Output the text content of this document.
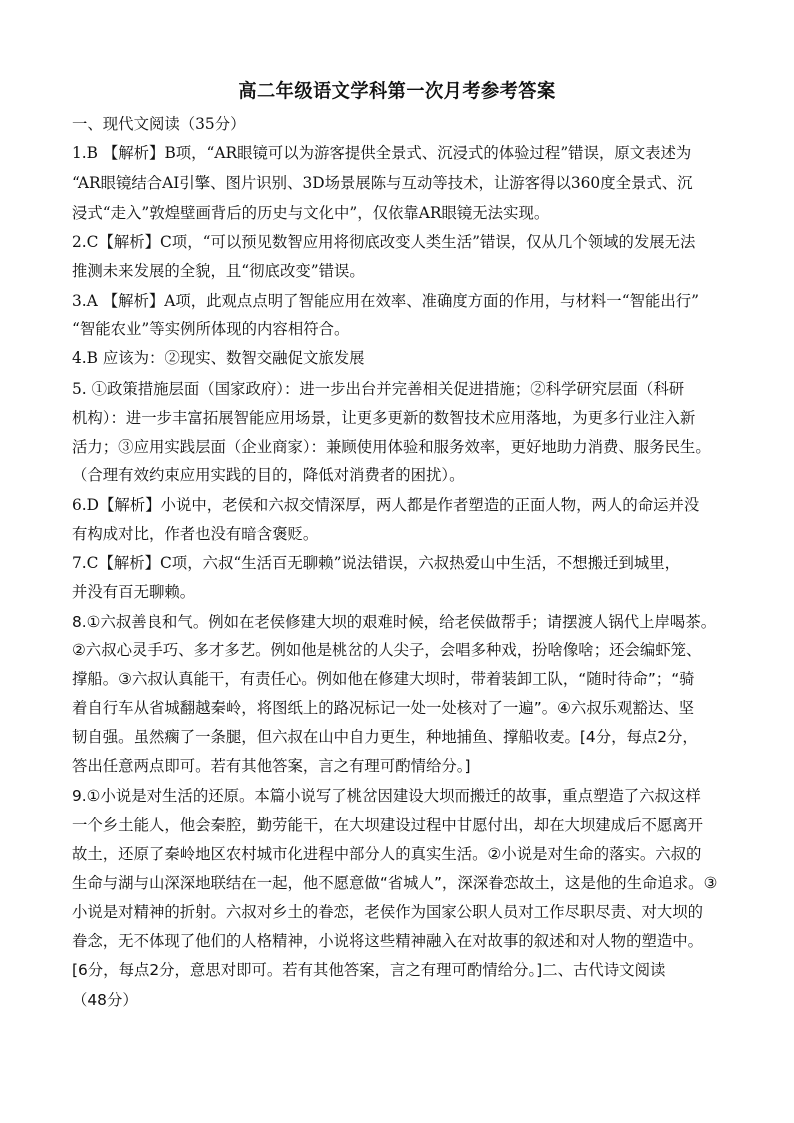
高二年级语文学科第一次月考参考答案
一、现代文阅读（35分）
1.B 【解析】B项，“AR眼镜可以为游客提供全景式、沉浸式的体验过程”错误，原文表述为
“AR眼镜结合AI引擎、图片识别、3D场景展陈与互动等技术，让游客得以360度全景式、沉
浸式“走入”敦煌壁画背后的历史与文化中”，仅依靠AR眼镜无法实现。
2.C【解析】C项，“可以预见数智应用将彻底改变人类生活”错误，仅从几个领域的发展无法
推测未来发展的全貌，且“彻底改变”错误。
3.A 【解析】A项，此观点点明了智能应用在效率、准确度方面的作用，与材料一“智能出行”
“智能农业”等实例所体现的内容相符合。
4.B 应该为：②现实、数智交融促文旅发展
5. ①政策措施层面（国家政府）：进一步出台并完善相关促进措施；②科学研究层面（科研
机构）：进一步丰富拓展智能应用场景，让更多更新的数智技术应用落地，为更多行业注入新
活力；③应用实践层面（企业商家）：兼顾使用体验和服务效率，更好地助力消费、服务民生。
（合理有效约束应用实践的目的，降低对消费者的困扰）。
6.D【解析】小说中，老侯和六叔交情深厚，两人都是作者塑造的正面人物，两人的命运并没
有构成对比，作者也没有暗含褒贬。
7.C【解析】C项，六叔“生活百无聊赖”说法错误，六叔热爱山中生活，不想搬迁到城里，
并没有百无聊赖。
8.①六叔善良和气。例如在老侯修建大坝的艰难时候，给老侯做帮手；请摆渡人锅代上岸喝茶。
②六叔心灵手巧、多才多艺。例如他是桃岔的人尖子，会唱多种戏，扮啥像啥；还会编虾笼、
撑船。③六叔认真能干，有责任心。例如他在修建大坝时，带着装卸工队，“随时待命”；“骑
着自行车从省城翻越秦岭，将图纸上的路况标记一处一处核对了一遍”。④六叔乐观豁达、坚
韧自强。虽然瘸了一条腿，但六叔在山中自力更生，种地捕鱼、撑船收麦。[4分，每点2分，
答出任意两点即可。若有其他答案，言之有理可酌情给分。]
9.①小说是对生活的还原。本篇小说写了桃岔因建设大坝而搬迁的故事，重点塑造了六叔这样
一个乡土能人，他会秦腔，勤劳能干，在大坝建设过程中甘愿付出，却在大坝建成后不愿离开
故土，还原了秦岭地区农村城市化进程中部分人的真实生活。②小说是对生命的落实。六叔的
生命与湖与山深深地联结在一起，他不愿意做“省城人”，深深眷恋故土，这是他的生命追求。③
小说是对精神的折射。六叔对乡土的眷恋，老侯作为国家公职人员对工作尽职尽责、对大坝的
眷念，无不体现了他们的人格精神，小说将这些精神融入在对故事的叙述和对人物的塑造中。
[6分，每点2分，意思对即可。若有其他答案，言之有理可酌情给分。]二、古代诗文阅读
（48分）
